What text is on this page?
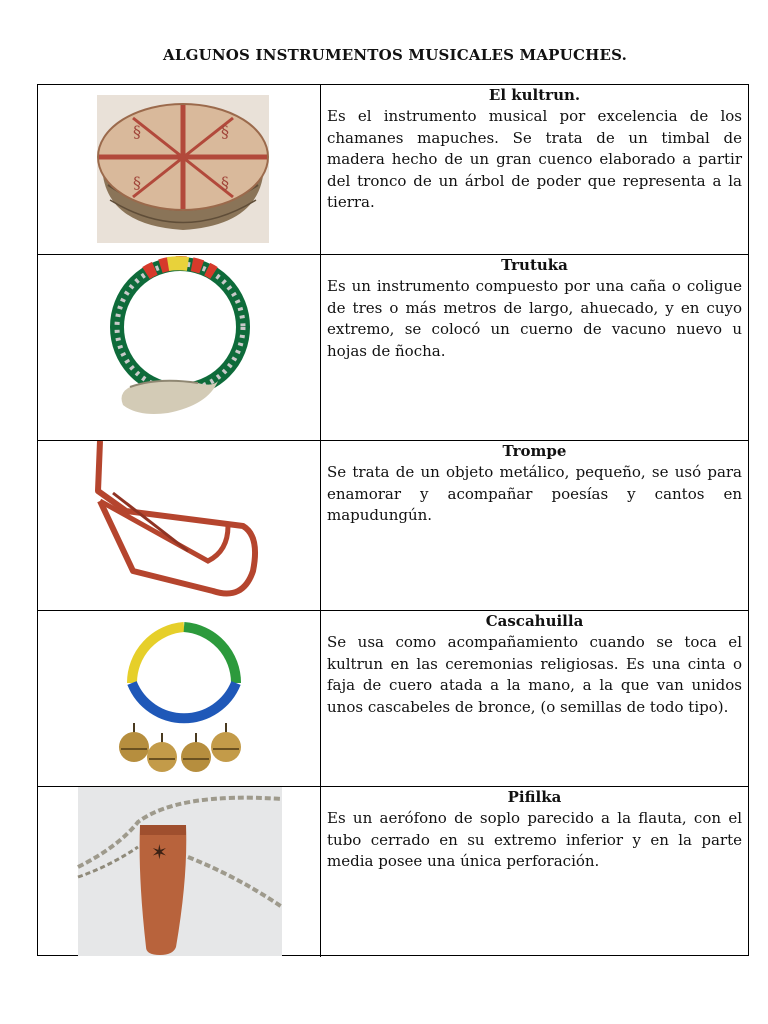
ALGUNOS INSTRUMENTOS MUSICALES MAPUCHES.
§	§
§	§
El kultrun.
Es el instrumento musical por excelencia de los chamanes mapuches. Se trata de un timbal de madera hecho de un gran cuenco elaborado a partir del tronco de un árbol de poder que representa a la tierra.
Trutuka
Es un instrumento compuesto por una caña o coligue de tres o más metros de largo, ahuecado, y en cuyo extremo, se colocó un cuerno de vacuno nuevo u hojas de ñocha.
Trompe
Se trata de un objeto metálico, pequeño, se usó para enamorar y acompañar poesías y cantos en mapudungún.
Cascahuilla
Se usa como acompañamiento cuando se toca el kultrun en las ceremonias religiosas. Es una cinta o faja de cuero atada a la mano, a la que van unidos unos cascabeles de bronce, (o semillas de todo tipo).
✶
Pifilka
Es un aerófono de soplo parecido a la flauta, con el tubo cerrado en su extremo inferior y en la parte media posee una única perforación.
